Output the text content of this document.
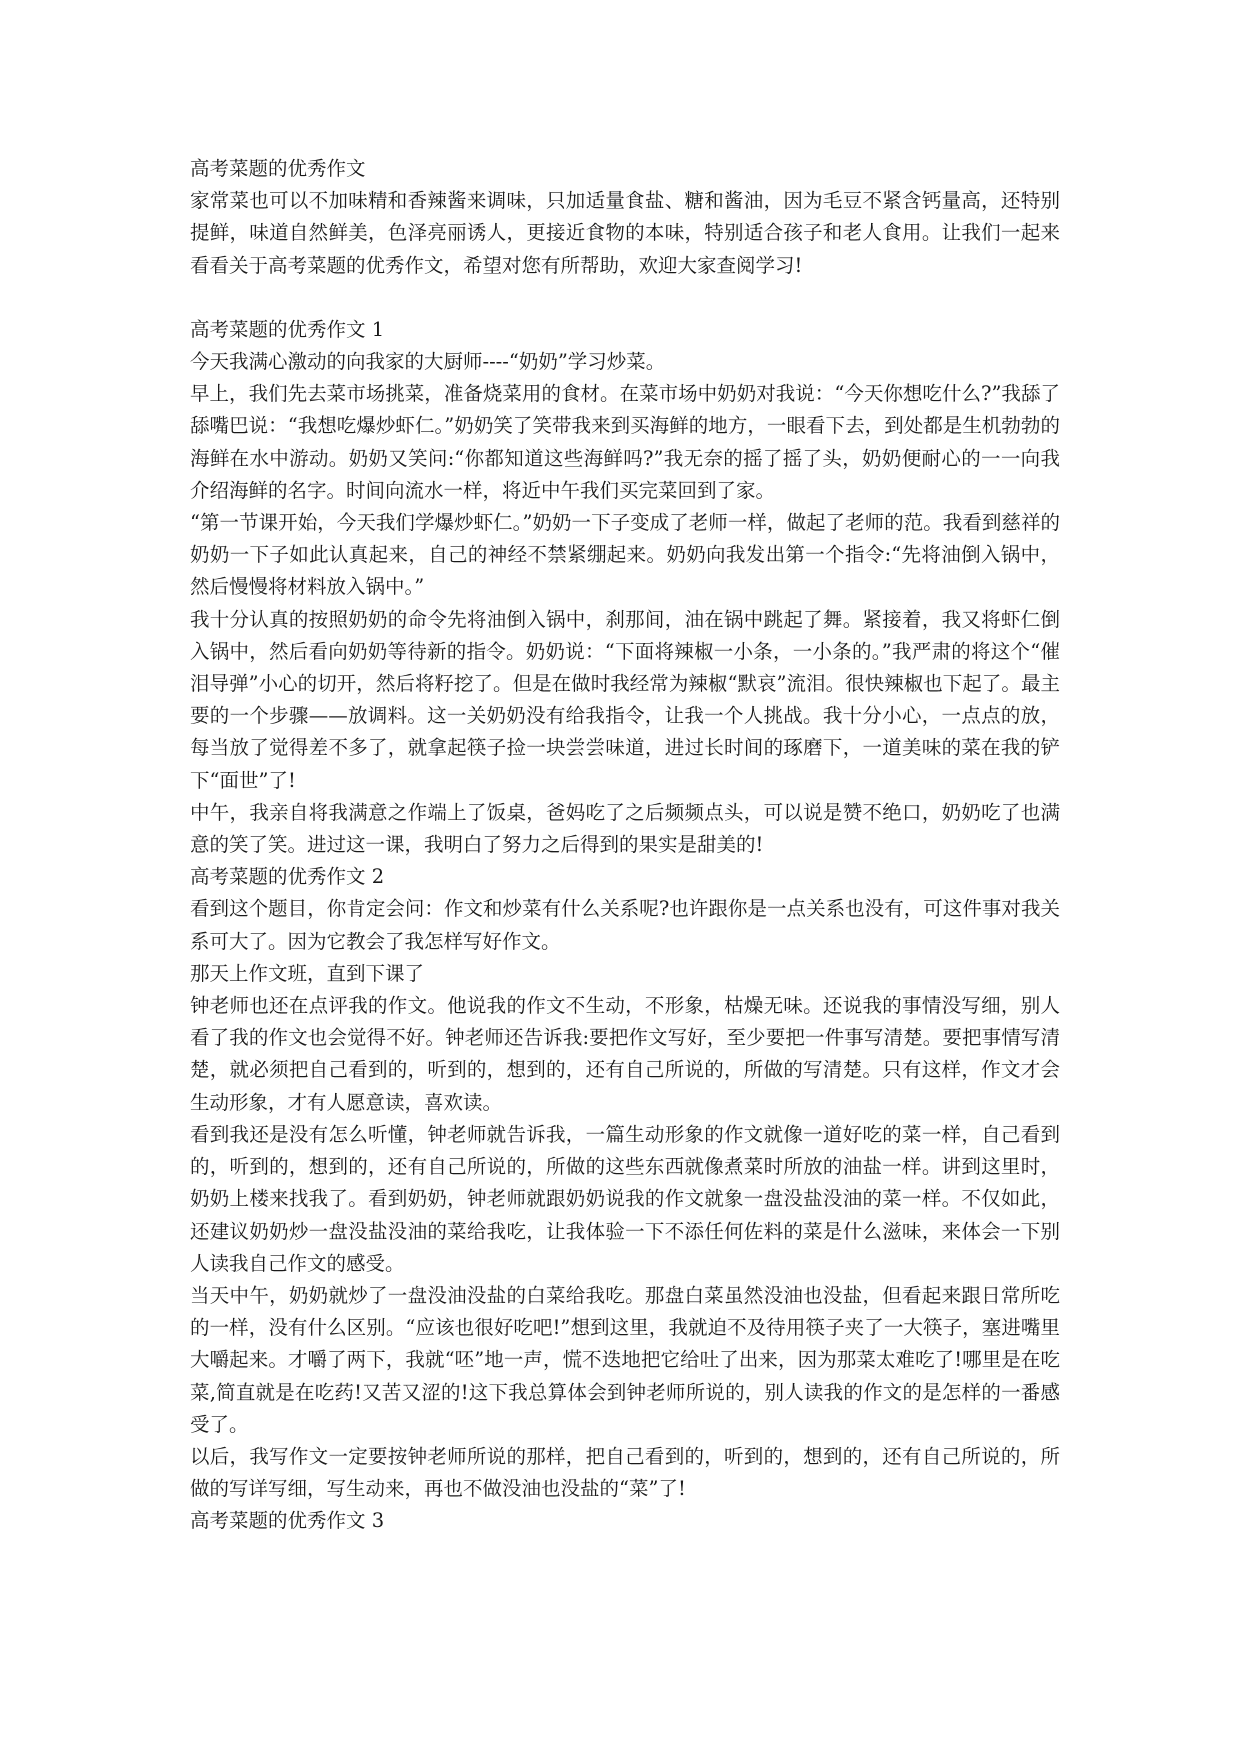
高考菜题的优秀作文

家常菜也可以不加味精和香辣酱来调味，只加适量食盐、糖和酱油，因为毛豆不紧含钙量高，还特别提鲜，味道自然鲜美，色泽亮丽诱人，更接近食物的本味，特别适合孩子和老人食用。让我们一起来看看关于高考菜题的优秀作文，希望对您有所帮助，欢迎大家查阅学习!

高考菜题的优秀作文 1

今天我满心激动的向我家的大厨师----“奶奶”学习炒菜。

早上，我们先去菜市场挑菜，准备烧菜用的食材。在菜市场中奶奶对我说：“今天你想吃什么?”我舔了舔嘴巴说：“我想吃爆炒虾仁。”奶奶笑了笑带我来到买海鲜的地方，一眼看下去，到处都是生机勃勃的海鲜在水中游动。奶奶又笑问:“你都知道这些海鲜吗?”我无奈的摇了摇了头，奶奶便耐心的一一向我介绍海鲜的名字。时间向流水一样，将近中午我们买完菜回到了家。

“第一节课开始，今天我们学爆炒虾仁。”奶奶一下子变成了老师一样，做起了老师的范。我看到慈祥的奶奶一下子如此认真起来，自己的神经不禁紧绷起来。奶奶向我发出第一个指令:“先将油倒入锅中，然后慢慢将材料放入锅中。”

我十分认真的按照奶奶的命令先将油倒入锅中，刹那间，油在锅中跳起了舞。紧接着，我又将虾仁倒入锅中，然后看向奶奶等待新的指令。奶奶说：“下面将辣椒一小条，一小条的。”我严肃的将这个“催泪导弹”小心的切开，然后将籽挖了。但是在做时我经常为辣椒“默哀”流泪。很快辣椒也下起了。最主要的一个步骤——放调料。这一关奶奶没有给我指令，让我一个人挑战。我十分小心，一点点的放，每当放了觉得差不多了，就拿起筷子捡一块尝尝味道，进过长时间的琢磨下，一道美味的菜在我的铲下“面世”了!

中午，我亲自将我满意之作端上了饭桌，爸妈吃了之后频频点头，可以说是赞不绝口，奶奶吃了也满意的笑了笑。进过这一课，我明白了努力之后得到的果实是甜美的!

高考菜题的优秀作文 2

看到这个题目，你肯定会问：作文和炒菜有什么关系呢?也许跟你是一点关系也没有，可这件事对我关系可大了。因为它教会了我怎样写好作文。

那天上作文班，直到下课了

钟老师也还在点评我的作文。他说我的作文不生动，不形象，枯燥无味。还说我的事情没写细，别人看了我的作文也会觉得不好。钟老师还告诉我:要把作文写好，至少要把一件事写清楚。要把事情写清楚，就必须把自己看到的，听到的，想到的，还有自己所说的，所做的写清楚。只有这样，作文才会生动形象，才有人愿意读，喜欢读。

看到我还是没有怎么听懂，钟老师就告诉我，一篇生动形象的作文就像一道好吃的菜一样，自己看到的，听到的，想到的，还有自己所说的，所做的这些东西就像煮菜时所放的油盐一样。讲到这里时，奶奶上楼来找我了。看到奶奶，钟老师就跟奶奶说我的作文就象一盘没盐没油的菜一样。不仅如此，还建议奶奶炒一盘没盐没油的菜给我吃，让我体验一下不添任何佐料的菜是什么滋味，来体会一下别人读我自己作文的感受。

当天中午，奶奶就炒了一盘没油没盐的白菜给我吃。那盘白菜虽然没油也没盐，但看起来跟日常所吃的一样，没有什么区别。“应该也很好吃吧!”想到这里，我就迫不及待用筷子夹了一大筷子，塞进嘴里大嚼起来。才嚼了两下，我就“呸”地一声，慌不迭地把它给吐了出来，因为那菜太难吃了!哪里是在吃菜,简直就是在吃药!又苦又涩的!这下我总算体会到钟老师所说的，别人读我的作文的是怎样的一番感受了。

以后，我写作文一定要按钟老师所说的那样，把自己看到的，听到的，想到的，还有自己所说的，所做的写详写细，写生动来，再也不做没油也没盐的“菜”了!

高考菜题的优秀作文 3
